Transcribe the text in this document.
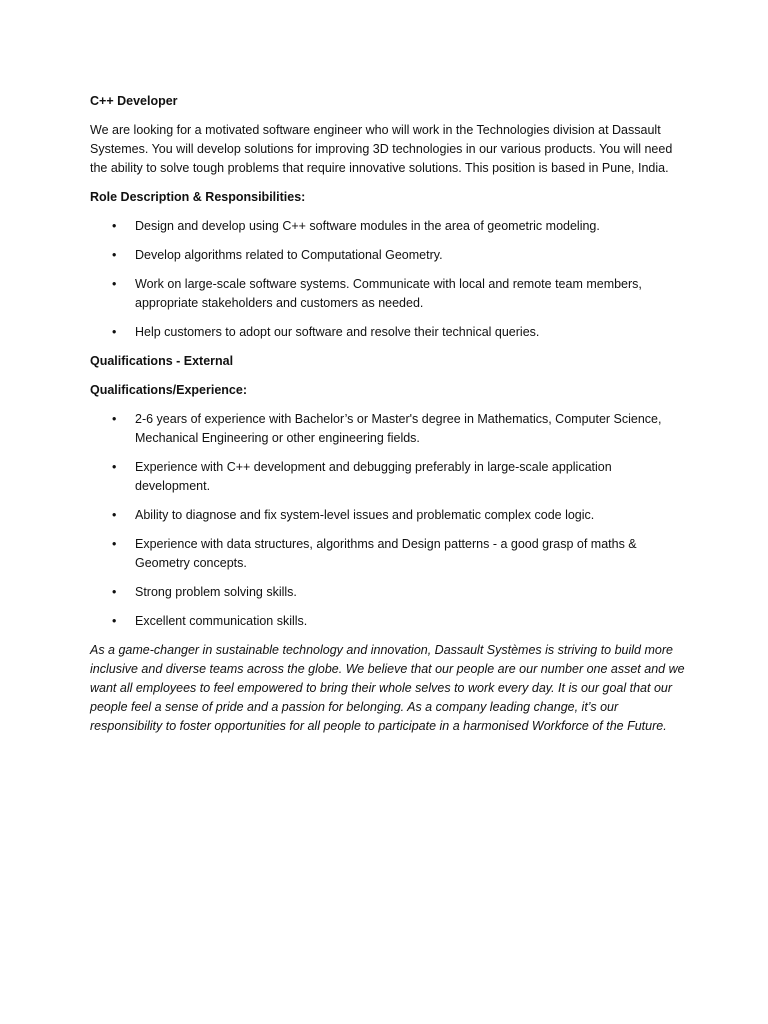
C++ Developer

We are looking for a motivated software engineer who will work in the Technologies division at Dassault Systemes. You will develop solutions for improving 3D technologies in our various products. You will need the ability to solve tough problems that require innovative solutions. This position is based in Pune, India.

Role Description & Responsibilities:

• Design and develop using C++ software modules in the area of geometric modeling.
• Develop algorithms related to Computational Geometry.
• Work on large-scale software systems. Communicate with local and remote team members, appropriate stakeholders and customers as needed.
• Help customers to adopt our software and resolve their technical queries.

Qualifications - External

Qualifications/Experience:

• 2-6 years of experience with Bachelor’s or Master's degree in Mathematics, Computer Science, Mechanical Engineering or other engineering fields.
• Experience with C++ development and debugging preferably in large-scale application development.
• Ability to diagnose and fix system-level issues and problematic complex code logic.
• Experience with data structures, algorithms and Design patterns - a good grasp of maths & Geometry concepts.
• Strong problem solving skills.
• Excellent communication skills.

As a game-changer in sustainable technology and innovation, Dassault Systèmes is striving to build more inclusive and diverse teams across the globe. We believe that our people are our number one asset and we want all employees to feel empowered to bring their whole selves to work every day. It is our goal that our people feel a sense of pride and a passion for belonging. As a company leading change, it’s our responsibility to foster opportunities for all people to participate in a harmonised Workforce of the Future.
